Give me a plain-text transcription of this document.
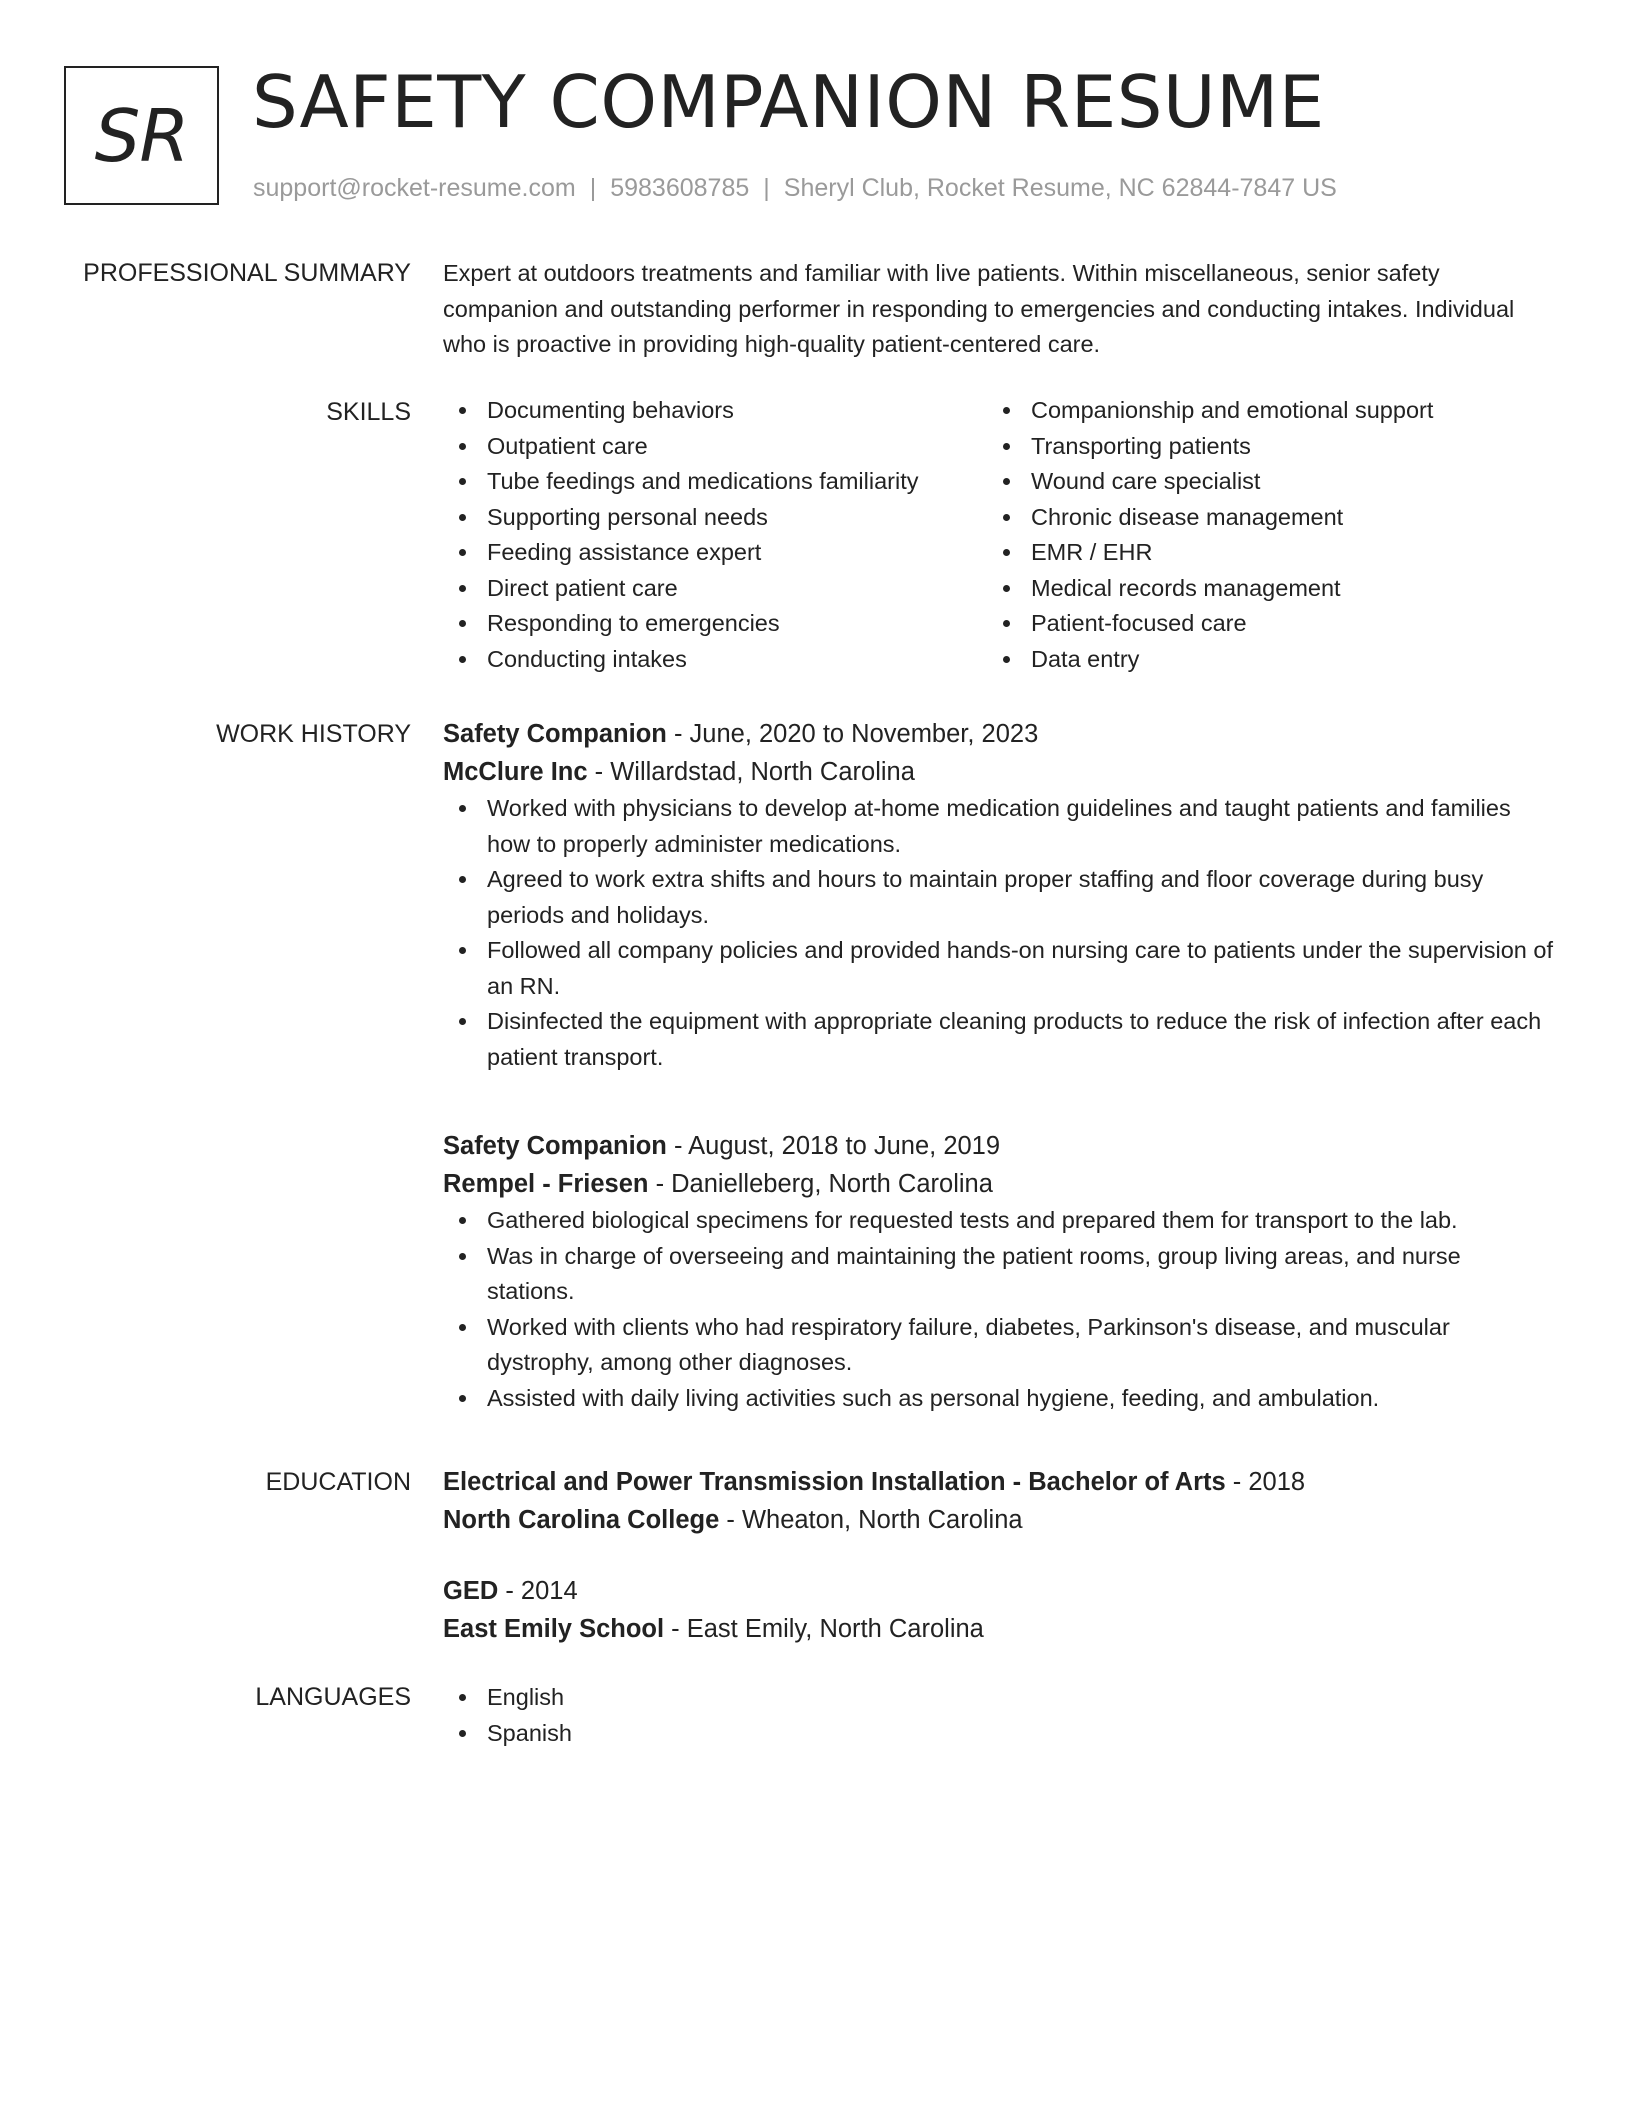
SR SAFETY COMPANION RESUME
support@rocket-resume.com | 5983608785 | Sheryl Club, Rocket Resume, NC 62844-7847 US
PROFESSIONAL SUMMARY Expert at outdoors treatments and familiar with live patients. Within miscellaneous, senior safety companion and outstanding performer in responding to emergencies and conducting intakes. Individual who is proactive in providing high-quality patient-centered care.

SKILLS	Documenting behaviors
Outpatient care
Tube feedings and medications familiarity
Supporting personal needs
Feeding assistance expert
Direct patient care
Responding to emergencies
Conducting intakes
Companionship and emotional support
Transporting patients
Wound care specialist
Chronic disease management
EMR / EHR
Medical records management
Patient-focused care
Data entry
WORK HISTORY Safety Companion - June, 2020 to November, 2023
McClure Inc - Willardstad, North Carolina
Worked with physicians to develop at-home medication guidelines and taught patients and families how to properly administer medications.
Agreed to work extra shifts and hours to maintain proper staffing and floor coverage during busy periods and holidays.
Followed all company policies and provided hands-on nursing care to patients under the supervision of an RN.
Disinfected the equipment with appropriate cleaning products to reduce the risk of infection after each patient transport.
Safety Companion - August, 2018 to June, 2019
Rempel - Friesen - Danielleberg, North Carolina
Gathered biological specimens for requested tests and prepared them for transport to the lab.
Was in charge of overseeing and maintaining the patient rooms, group living areas, and nurse stations.
Worked with clients who had respiratory failure, diabetes, Parkinson's disease, and muscular dystrophy, among other diagnoses.
Assisted with daily living activities such as personal hygiene, feeding, and ambulation.
EDUCATION Electrical and Power Transmission Installation - Bachelor of Arts - 2018
North Carolina College - Wheaton, North Carolina
GED - 2014
East Emily School - East Emily, North Carolina
LANGUAGES	English
Spanish
